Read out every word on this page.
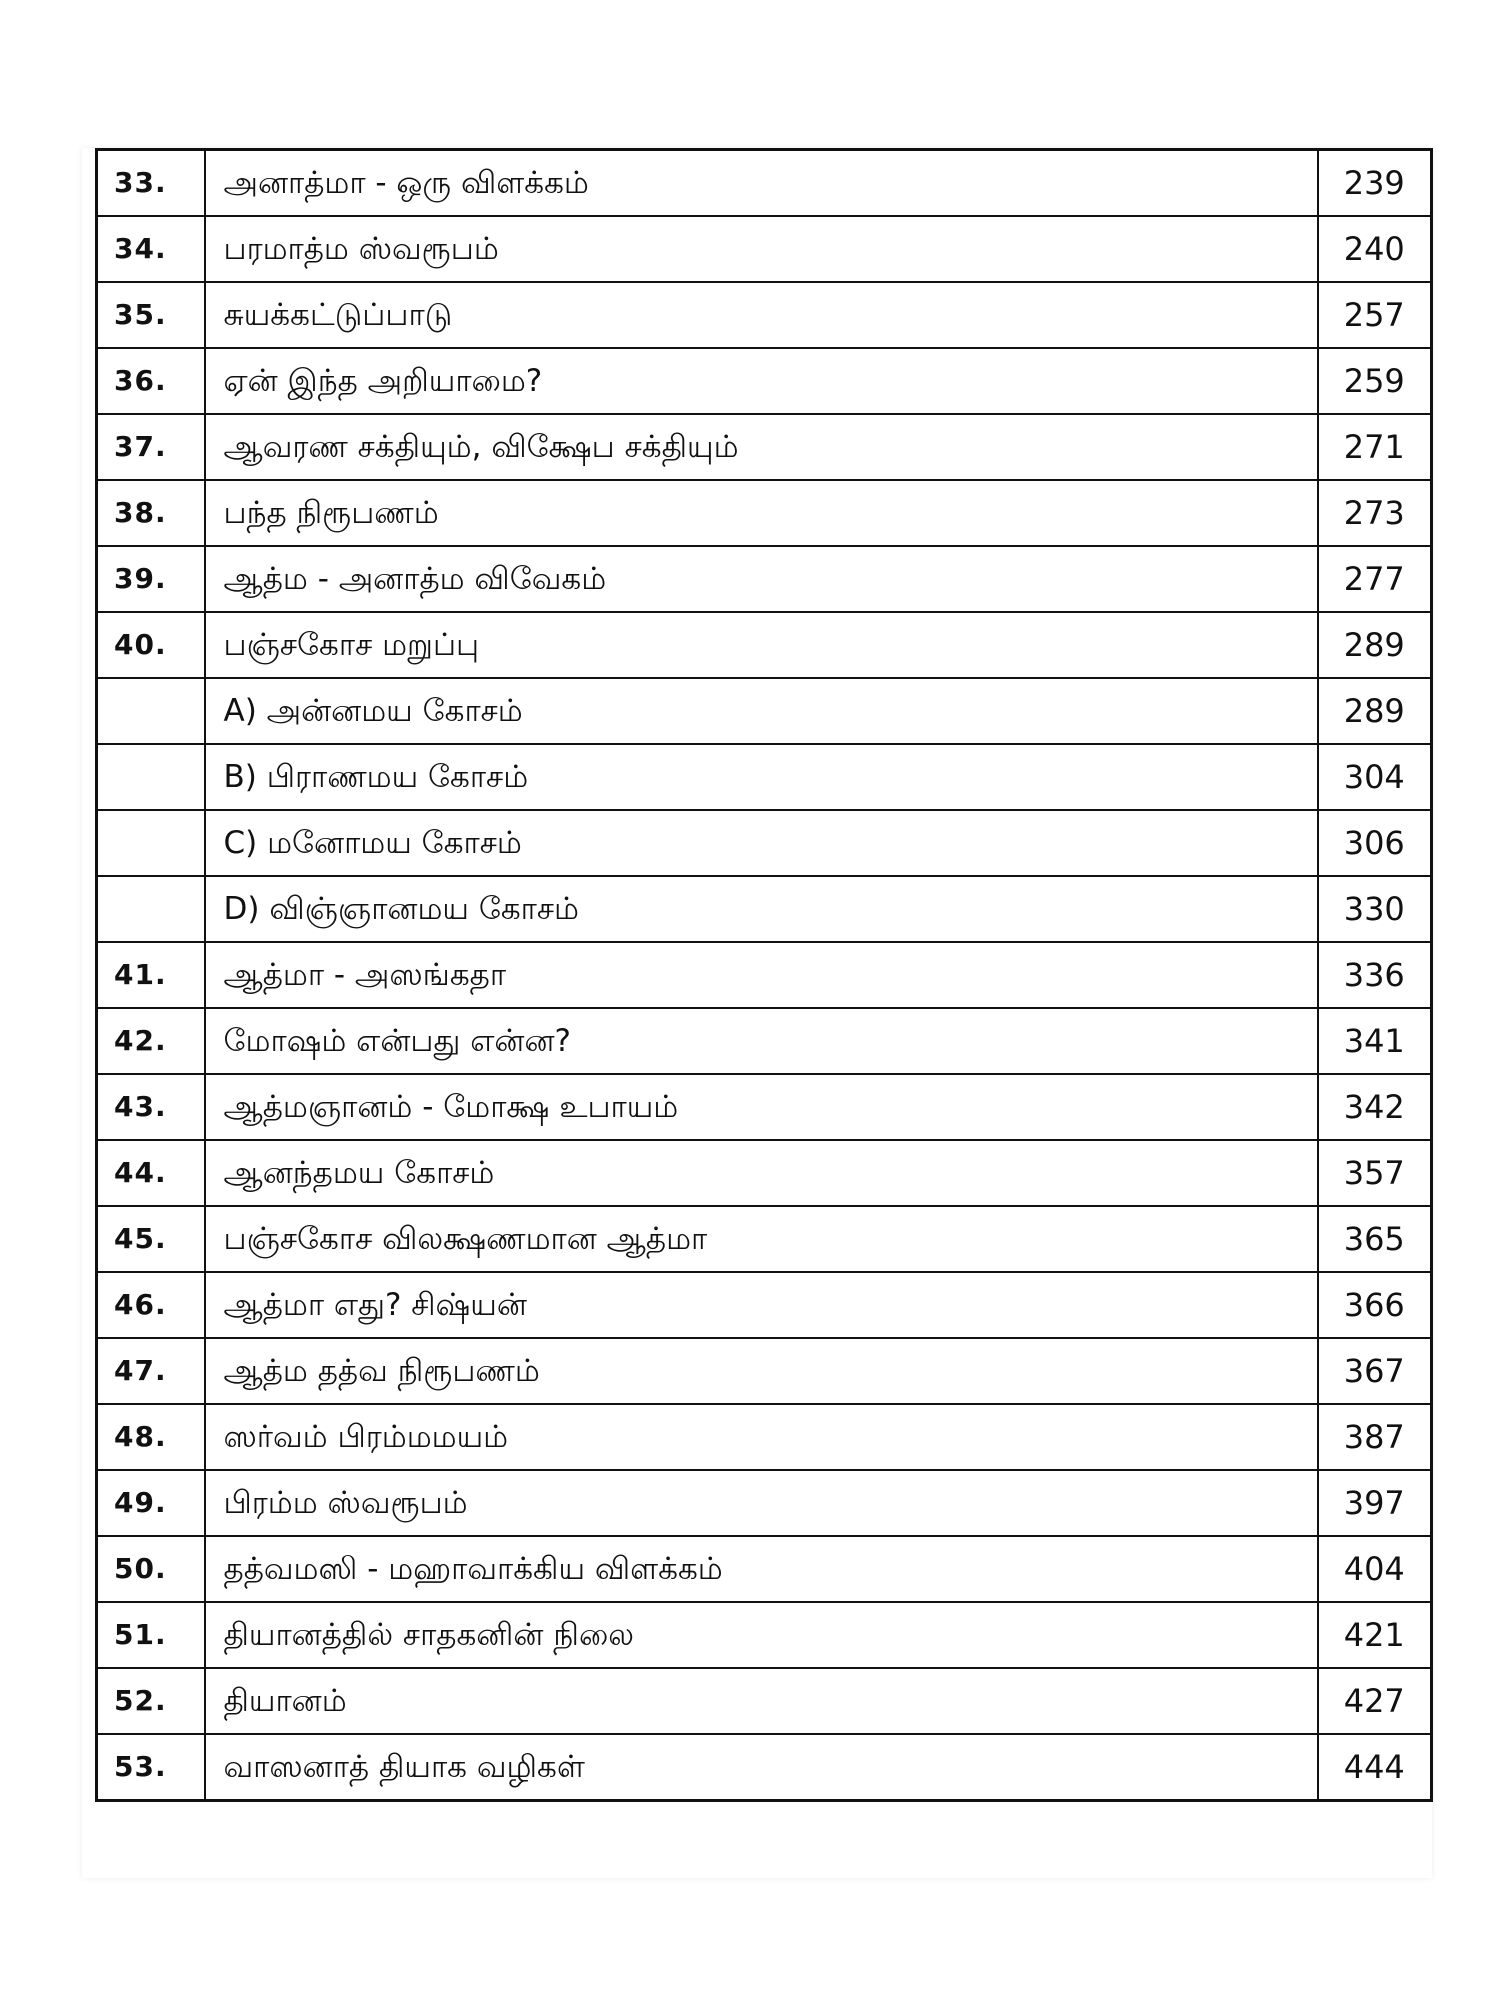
33.	அனாத்மா - ஒரு விளக்கம்	239
34.	பரமாத்ம ஸ்வரூபம்	240
35.	சுயக்கட்டுப்பாடு	257
36.	ஏன் இந்த அறியாமை?	259
37.	ஆவரண சக்தியும், விக்ஷேப சக்தியும்	271
38.	பந்த நிரூபணம்	273
39.	ஆத்ம - அனாத்ம விவேகம்	277
40.	பஞ்சகோச மறுப்பு	289
	A) அன்னமய கோசம்	289
	B) பிராணமய கோசம்	304
	C) மனோமய கோசம்	306
	D) விஞ்ஞானமய கோசம்	330
41.	ஆத்மா - அஸங்கதா	336
42.	மோஷம் என்பது என்ன?	341
43.	ஆத்மஞானம் - மோக்ஷ உபாயம்	342
44.	ஆனந்தமய கோசம்	357
45.	பஞ்சகோச விலக்ஷணமான ஆத்மா	365
46.	ஆத்மா எது? சிஷ்யன்	366
47.	ஆத்ம தத்வ நிரூபணம்	367
48.	ஸர்வம் பிரம்மமயம்	387
49.	பிரம்ம ஸ்வரூபம்	397
50.	தத்வமஸி - மஹாவாக்கிய விளக்கம்	404
51.	தியானத்தில் சாதகனின் நிலை	421
52.	தியானம்	427
53.	வாஸனாத் தியாக வழிகள்	444
